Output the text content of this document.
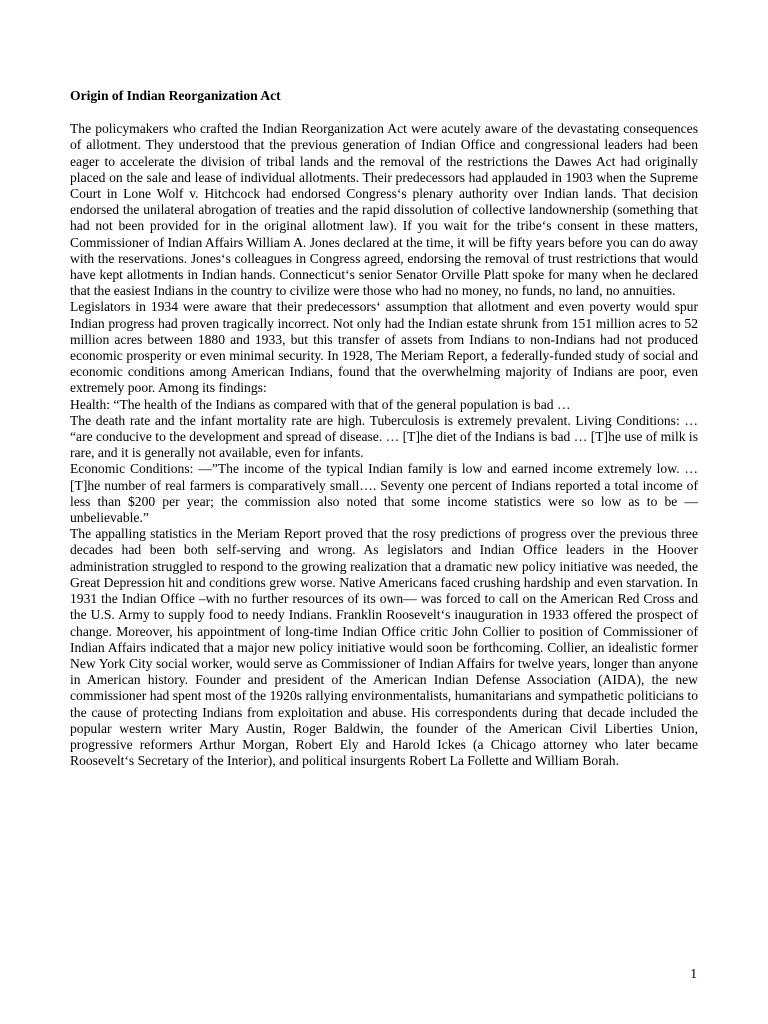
Origin of Indian Reorganization Act

The policymakers who crafted the Indian Reorganization Act were acutely aware of the devastating consequences of allotment. They understood that the previous generation of Indian Office and congressional leaders had been eager to accelerate the division of tribal lands and the removal of the restrictions the Dawes Act had originally placed on the sale and lease of individual allotments. Their predecessors had applauded in 1903 when the Supreme Court in Lone Wolf v. Hitchcock had endorsed Congress‘s plenary authority over Indian lands. That decision endorsed the unilateral abrogation of treaties and the rapid dissolution of collective landownership (something that had not been provided for in the original allotment law). If you wait for the tribe‘s consent in these matters, Commissioner of Indian Affairs William A. Jones declared at the time, it will be fifty years before you can do away with the reservations. Jones‘s colleagues in Congress agreed, endorsing the removal of trust restrictions that would have kept allotments in Indian hands. Connecticut‘s senior Senator Orville Platt spoke for many when he declared that the easiest Indians in the country to civilize were those who had no money, no funds, no land, no annuities.

Legislators in 1934 were aware that their predecessors‘ assumption that allotment and even poverty would spur Indian progress had proven tragically incorrect. Not only had the Indian estate shrunk from 151 million acres to 52 million acres between 1880 and 1933, but this transfer of assets from Indians to non-Indians had not produced economic prosperity or even minimal security. In 1928, The Meriam Report, a federally-funded study of social and economic conditions among American Indians, found that the overwhelming majority of Indians are poor, even extremely poor. Among its findings:

Health: “The health of the Indians as compared with that of the general population is bad …

The death rate and the infant mortality rate are high. Tuberculosis is extremely prevalent. Living Conditions: … “are conducive to the development and spread of disease. … [T]he diet of the Indians is bad … [T]he use of milk is rare, and it is generally not available, even for infants.

Economic Conditions: —”The income of the typical Indian family is low and earned income extremely low. …[T]he number of real farmers is comparatively small…. Seventy one percent of Indians reported a total income of less than $200 per year; the commission also noted that some income statistics were so low as to be —unbelievable.”

The appalling statistics in the Meriam Report proved that the rosy predictions of progress over the previous three decades had been both self-serving and wrong. As legislators and Indian Office leaders in the Hoover administration struggled to respond to the growing realization that a dramatic new policy initiative was needed, the Great Depression hit and conditions grew worse. Native Americans faced crushing hardship and even starvation. In 1931 the Indian Office –with no further resources of its own— was forced to call on the American Red Cross and the U.S. Army to supply food to needy Indians. Franklin Roosevelt‘s inauguration in 1933 offered the prospect of change. Moreover, his appointment of long-time Indian Office critic John Collier to position of Commissioner of Indian Affairs indicated that a major new policy initiative would soon be forthcoming. Collier, an idealistic former New York City social worker, would serve as Commissioner of Indian Affairs for twelve years, longer than anyone in American history. Founder and president of the American Indian Defense Association (AIDA), the new commissioner had spent most of the 1920s rallying environmentalists, humanitarians and sympathetic politicians to the cause of protecting Indians from exploitation and abuse. His correspondents during that decade included the popular western writer Mary Austin, Roger Baldwin, the founder of the American Civil Liberties Union, progressive reformers Arthur Morgan, Robert Ely and Harold Ickes (a Chicago attorney who later became Roosevelt‘s Secretary of the Interior), and political insurgents Robert La Follette and William Borah.

1
